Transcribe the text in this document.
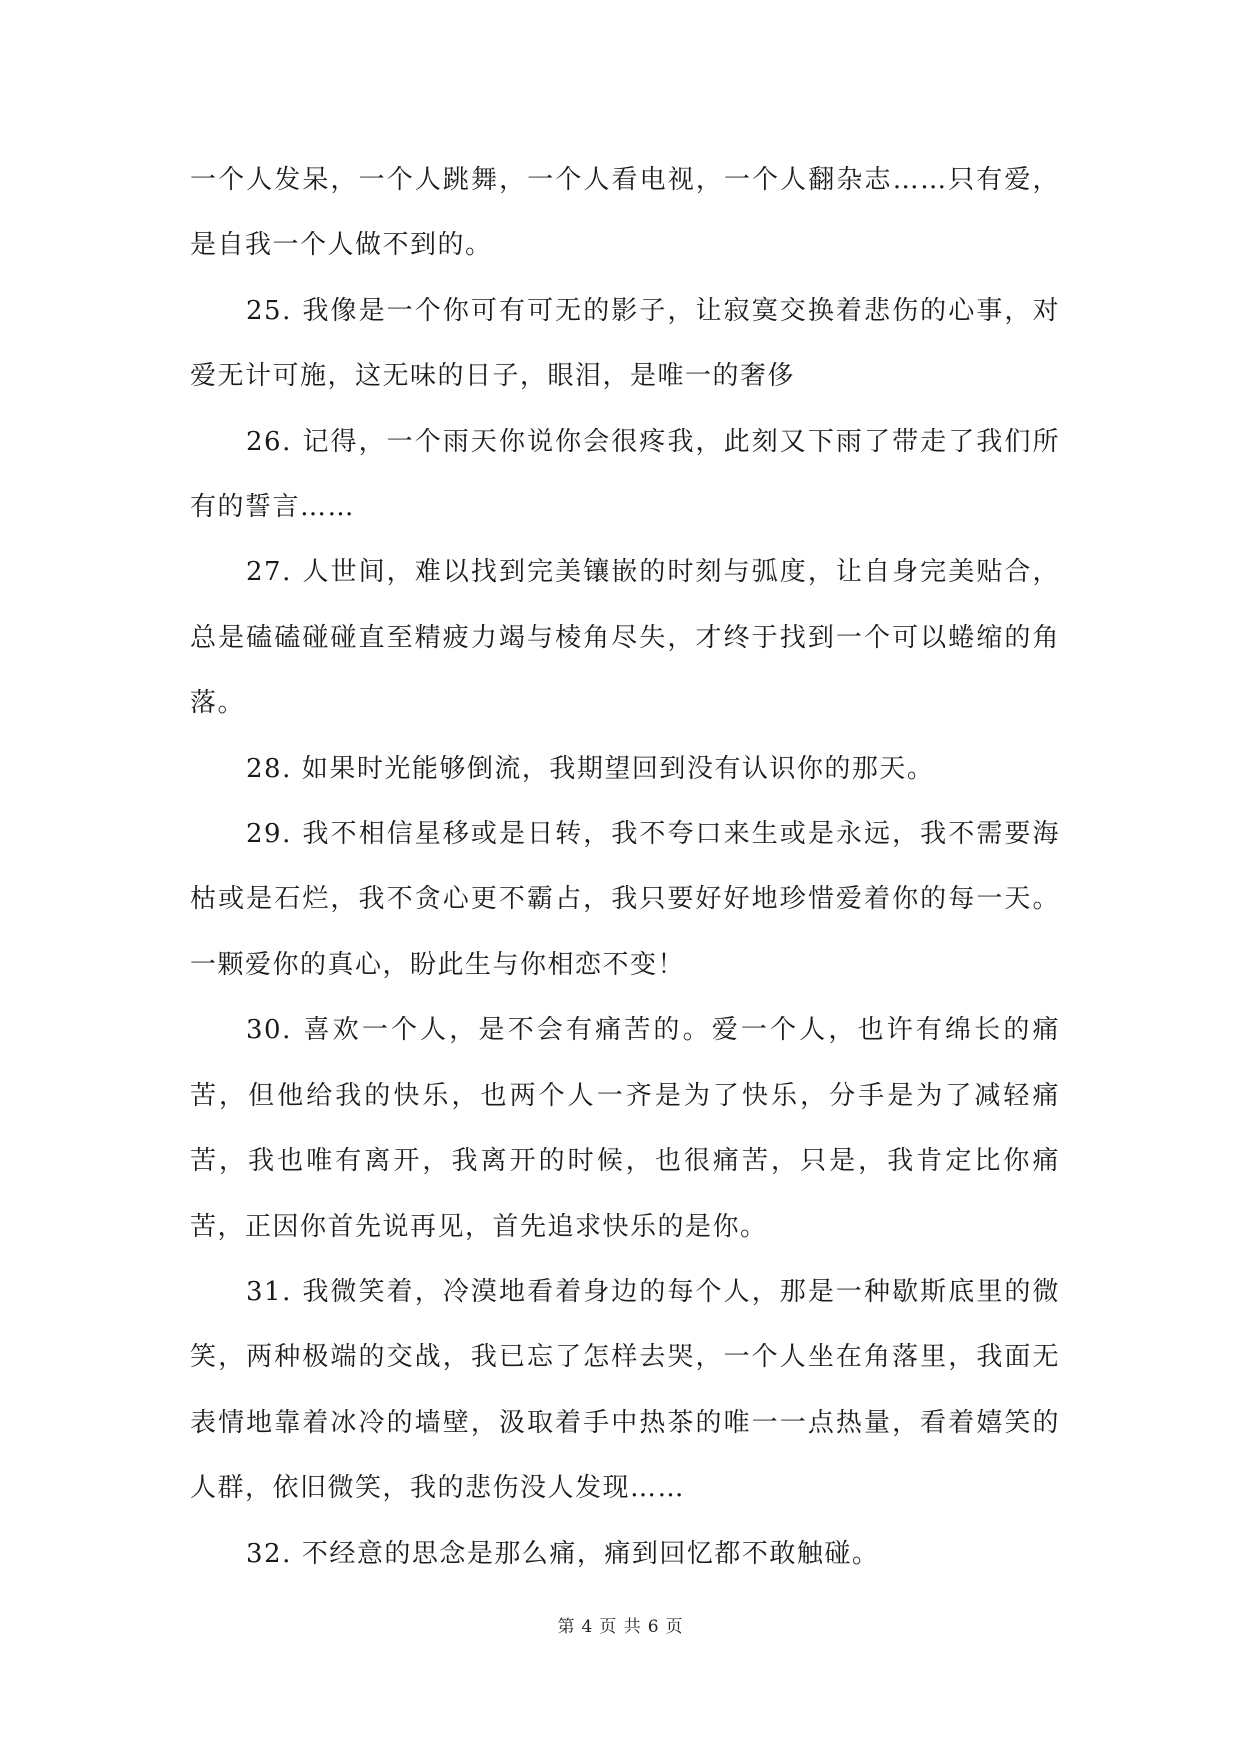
一个人发呆，一个人跳舞，一个人看电视，一个人翻杂志……只有爱，是自我一个人做不到的。

25. 我像是一个你可有可无的影子，让寂寞交换着悲伤的心事，对爱无计可施，这无味的日子，眼泪，是唯一的奢侈

26. 记得，一个雨天你说你会很疼我，此刻又下雨了带走了我们所有的誓言……

27. 人世间，难以找到完美镶嵌的时刻与弧度，让自身完美贴合，总是磕磕碰碰直至精疲力竭与棱角尽失，才终于找到一个可以蜷缩的角落。

28. 如果时光能够倒流，我期望回到没有认识你的那天。

29. 我不相信星移或是日转，我不夸口来生或是永远，我不需要海枯或是石烂，我不贪心更不霸占，我只要好好地珍惜爱着你的每一天。一颗爱你的真心，盼此生与你相恋不变！

30. 喜欢一个人，是不会有痛苦的。爱一个人，也许有绵长的痛苦，但他给我的快乐，也两个人一齐是为了快乐，分手是为了减轻痛苦，我也唯有离开，我离开的时候，也很痛苦，只是，我肯定比你痛苦，正因你首先说再见，首先追求快乐的是你。

31. 我微笑着，冷漠地看着身边的每个人，那是一种歇斯底里的微笑，两种极端的交战，我已忘了怎样去哭，一个人坐在角落里，我面无表情地靠着冰冷的墙壁，汲取着手中热茶的唯一一点热量，看着嬉笑的人群，依旧微笑，我的悲伤没人发现……

32. 不经意的思念是那么痛，痛到回忆都不敢触碰。

第 4 页 共 6 页
